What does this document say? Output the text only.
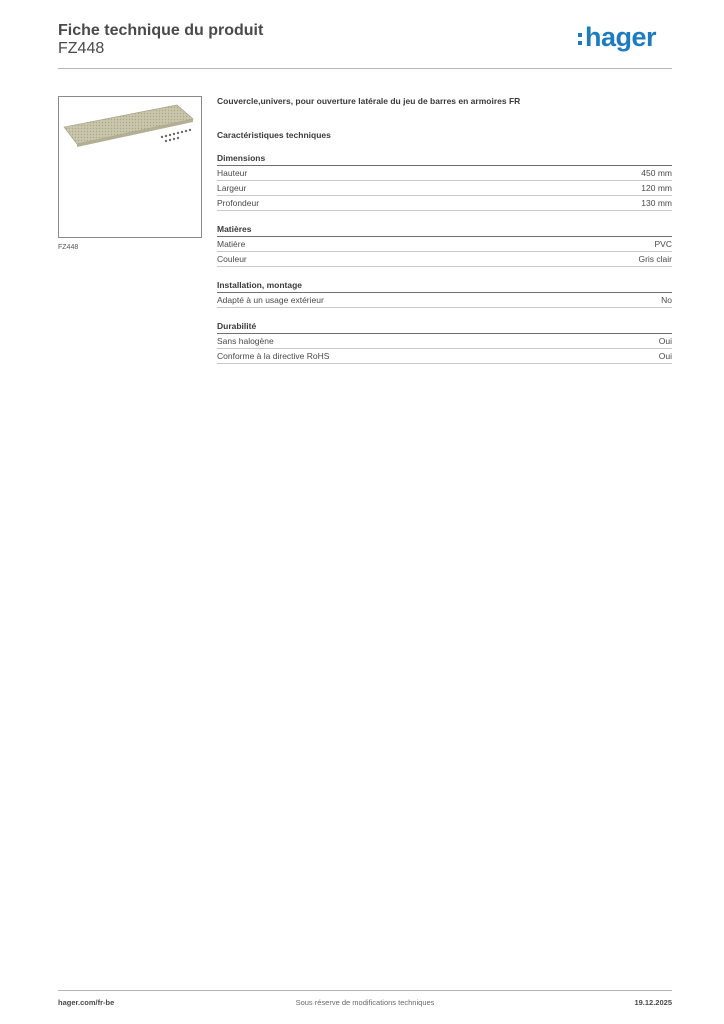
Fiche technique du produit
FZ448	hager
FZ448
Couvercle,univers, pour ouverture latérale du jeu de barres en armoires FR
Caractéristiques techniques
Dimensions
Hauteur	450 mm
Largeur	120 mm
Profondeur	130 mm
Matières
Matière	PVC
Couleur	Gris clair
Installation, montage
Adapté à un usage extérieur	No
Durabilité
Sans halogène	Oui
Conforme à la directive RoHS	Oui
hager.com/fr-be	Sous réserve de modifications techniques	19.12.2025
